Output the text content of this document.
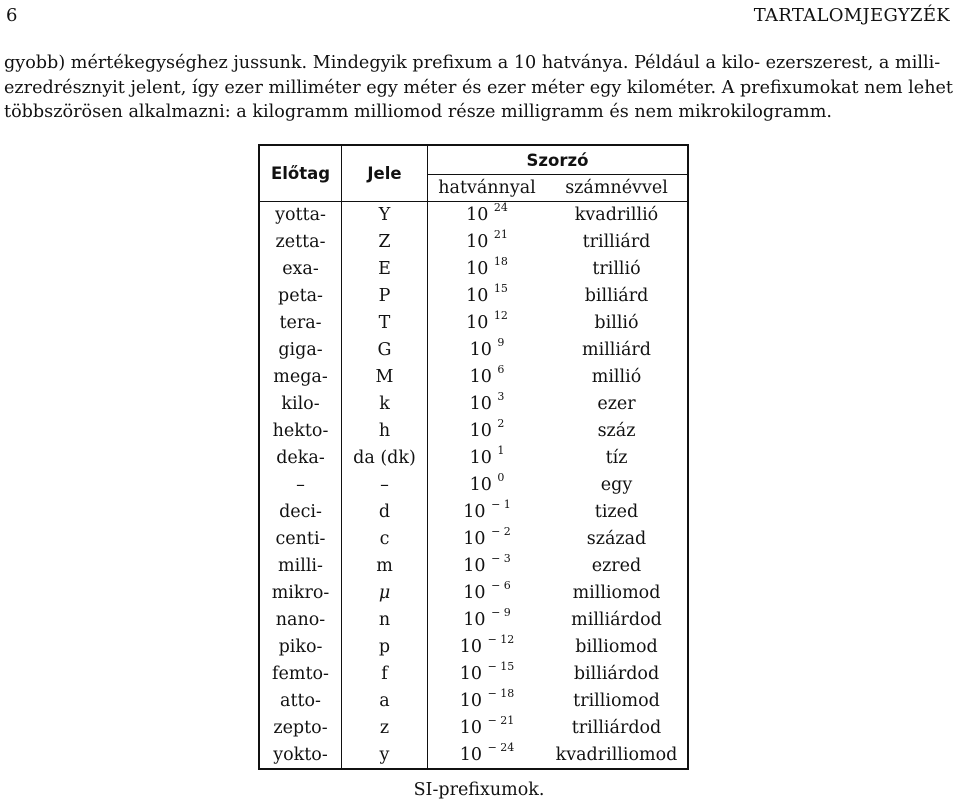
6	TARTALOMJEGYZÉK
gyobb) mértékegységhez jussunk. Mindegyik prefixum a 10 hatványa. Például a kilo- ezerszerest, a milli-
ezredrésznyit jelent, így ezer milliméter egy méter és ezer méter egy kilométer. A prefixumokat nem lehet
többszörösen alkalmazni: a kilogramm milliomod része milligramm és nem mikrokilogramm.
Előtag	Jele	Szorzó	
		hatvánnyal	számnévvel
yotta-	Y	10 $^{24}$	kvadrillió
zetta-	Z	10 $^{21}$	trilliárd
exa-	E	10 $^{18}$	trillió
peta-	P	10 $^{15}$	billiárd
tera-	T	10 $^{12}$	billió
giga-	G	10 $^9$	milliárd
mega-	M	10 $^6$	millió
kilo-	k	10 $^3$	ezer
hekto-	h	10 $^2$	száz
deka-	da (dk)	10 $^1$	tíz
–	–	10 $^0$	egy
deci-	d	10 $^{- 1}$	tized
centi-	c	10 $^{- 2}$	század
milli-	m	10 $^{- 3}$	ezred
mikro-	μ	10 $^{- 6}$	milliomod
nano-	n	10 $^{- 9}$	milliárdod
piko-	p	10 $^{- 12}$	billiomod
femto-	f	10 $^{- 15}$	billiárdod
atto-	a	10 $^{- 18}$	trilliomod
zepto-	z	10 $^{- 21}$	trilliárdod
yokto-	y	10 $^{- 24}$	kvadrilliomod
SI-prefixumok.
